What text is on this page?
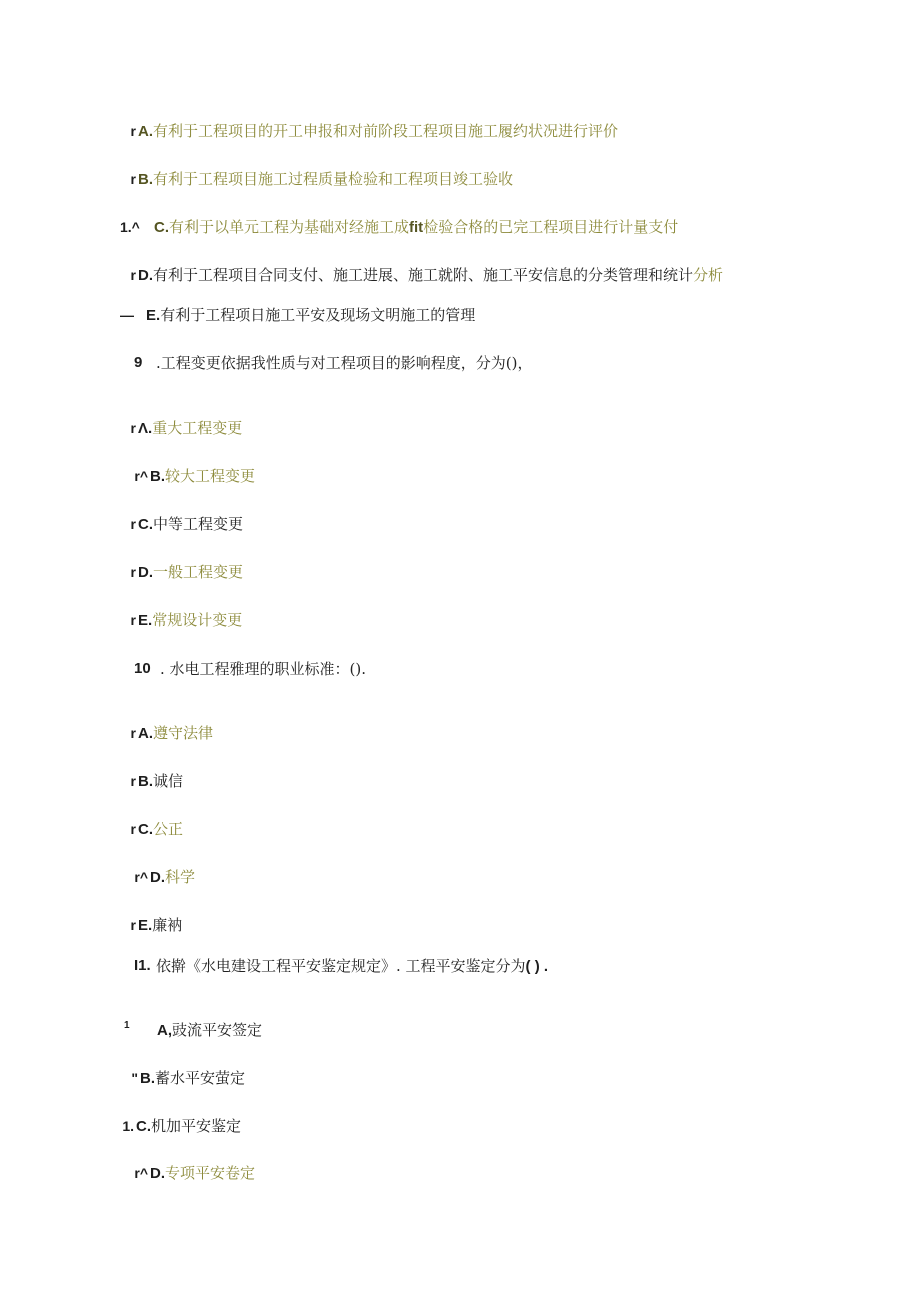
r A.有利于工程项目的开工申报和对前阶段工程项目施工履约状况进行评价
r B.有利于工程项目施工过程质量检验和工程项目竣工验收
1.^ C.有利于以单元工程为基础对经施工成fit检验合格的已完工程项目进行计量支付
r D.有利于工程项目合同支付、施工进展、施工就附、施工平安信息的分类管理和统计分析
— E.有利于工程项日施工平安及现场文明施工的管理
9 .工程变更依据我性质与对工程项目的影响程度，分为()，
r Λ.重大工程变更
r^ B.较大工程变更
r C.中等工程变更
r D.一般工程变更
r E.常规设计变更
10 . 水电工程雅理的职业标准：().
r A.遵守法律
r B.诚信
r C.公正
r^ D.科学
r E.廉衲
I1. 依擀《水电建设工程平安鉴定规定》. 工程平安鉴定分为( ) .
1	A,豉流平安签定
" B.蓄水平安萤定
1. C.机加平安鉴定
r^ D.专项平安卷定
